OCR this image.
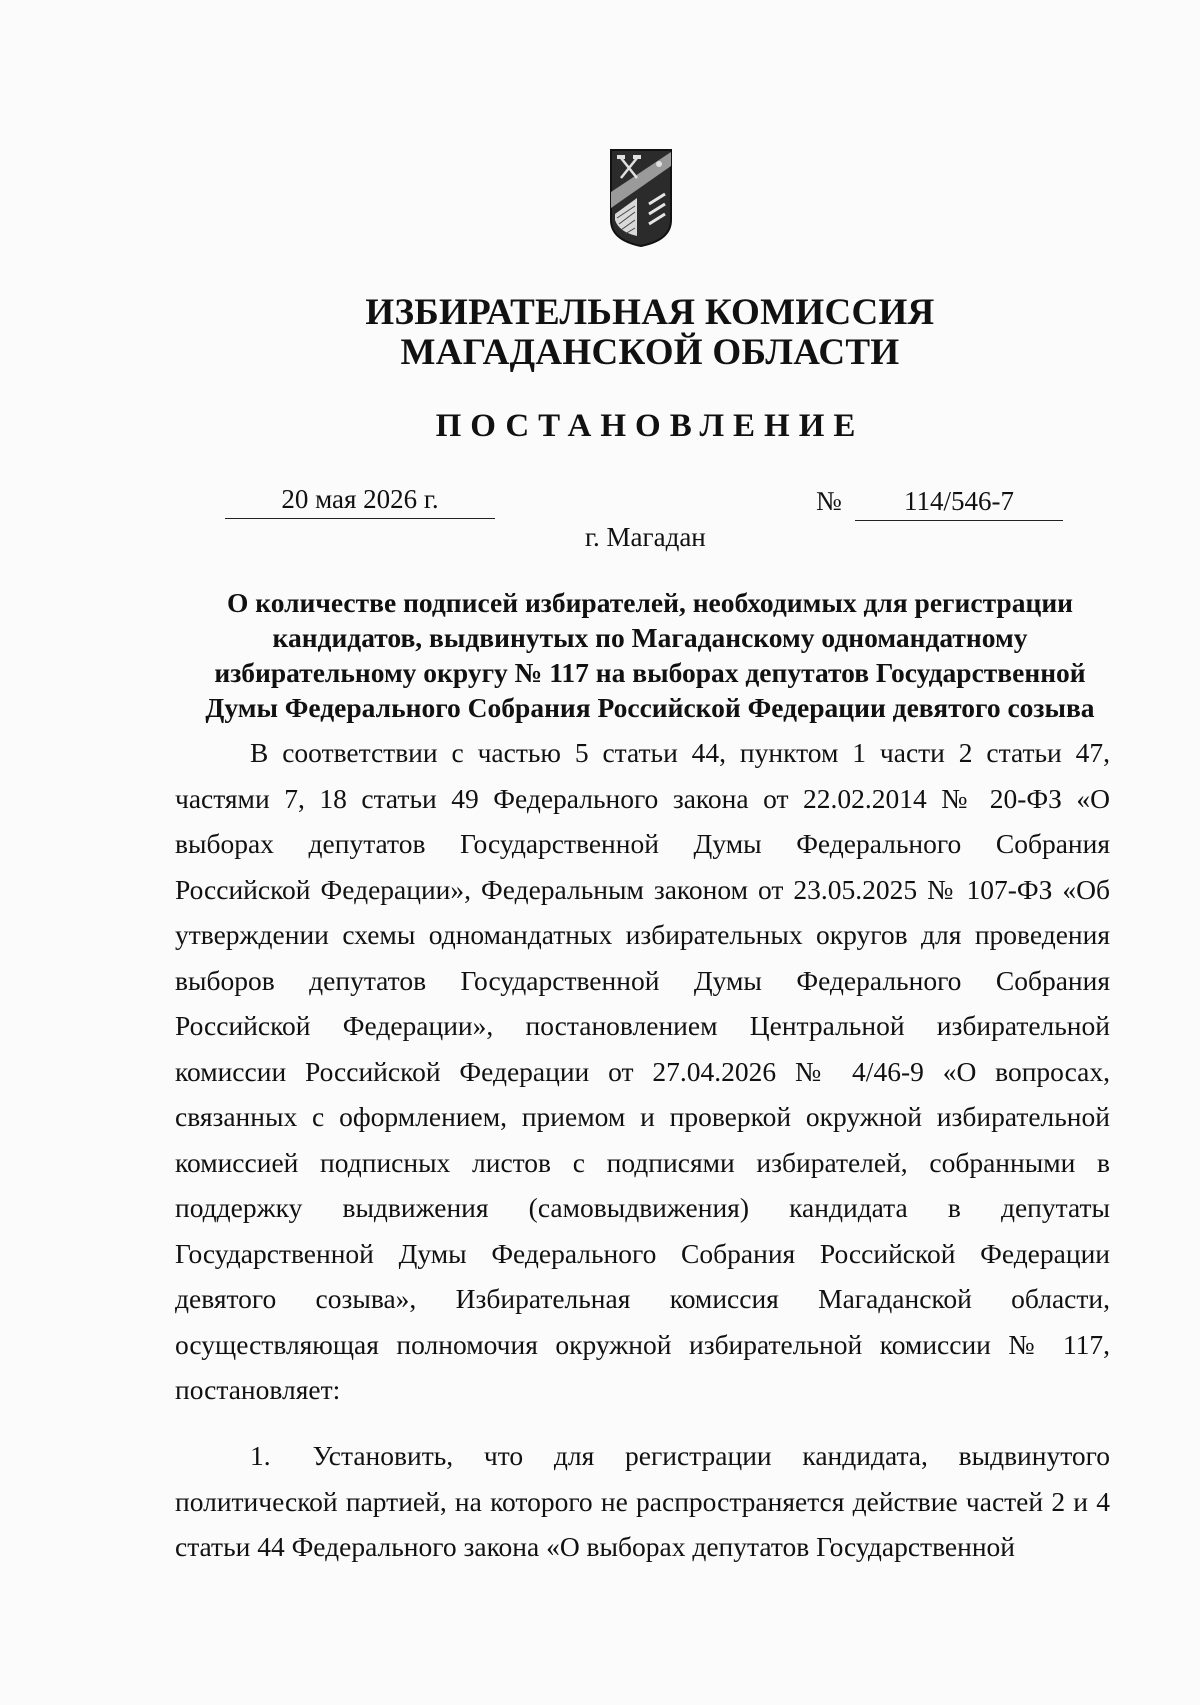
ИЗБИРАТЕЛЬНАЯ КОМИССИЯ
МАГАДАНСКОЙ ОБЛАСТИ
ПОСТАНОВЛЕНИЕ
20 мая 2026 г.	№	114/546-7
г. Магадан
О количестве подписей избирателей, необходимых для регистрации кандидатов, выдвинутых по Магаданскому одномандатному избирательному округу № 117 на выборах депутатов Государственной Думы Федерального Собрания Российской Федерации девятого созыва
В соответствии с частью 5 статьи 44, пунктом 1 части 2 статьи 47, частями 7, 18 статьи 49 Федерального закона от 22.02.2014 № 20-ФЗ «О выборах депутатов Государственной Думы Федерального Собрания Российской Федерации», Федеральным законом от 23.05.2025 № 107-ФЗ «Об утверждении схемы одномандатных избирательных округов для проведения выборов депутатов Государственной Думы Федерального Собрания Российской Федерации», постановлением Центральной избирательной комиссии Российской Федерации от 27.04.2026 № 4/46-9 «О вопросах, связанных с оформлением, приемом и проверкой окружной избирательной комиссией подписных листов с подписями избирателей, собранными в поддержку выдвижения (самовыдвижения) кандидата в депутаты Государственной Думы Федерального Собрания Российской Федерации девятого созыва», Избирательная комиссия Магаданской области, осуществляющая полномочия окружной избирательной комиссии № 117, постановляет:
1. Установить, что для регистрации кандидата, выдвинутого политической партией, на которого не распространяется действие частей 2 и 4 статьи 44 Федерального закона «О выборах депутатов Государственной
